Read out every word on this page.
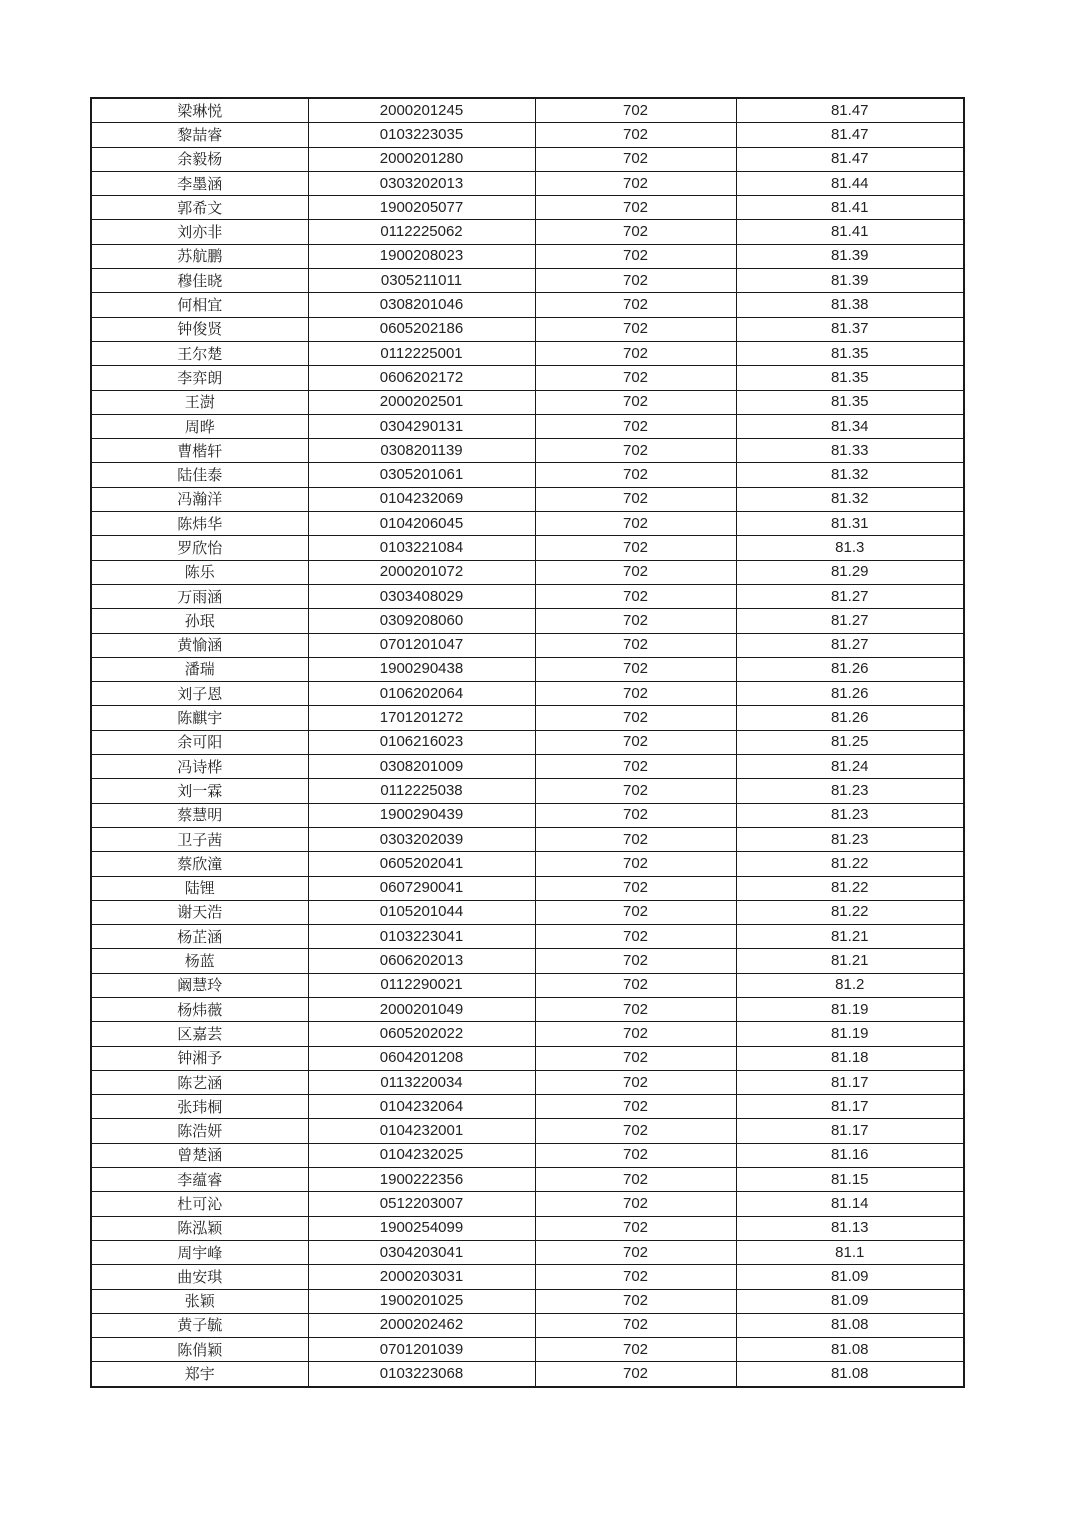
梁琳悦	2000201245	702	81.47
黎喆睿	0103223035	702	81.47
余毅杨	2000201280	702	81.47
李墨涵	0303202013	702	81.44
郭希文	1900205077	702	81.41
刘亦非	0112225062	702	81.41
苏航鹏	1900208023	702	81.39
穆佳晓	0305211011	702	81.39
何相宜	0308201046	702	81.38
钟俊贤	0605202186	702	81.37
王尔楚	0112225001	702	81.35
李弈朗	0606202172	702	81.35
王澍	2000202501	702	81.35
周晔	0304290131	702	81.34
曹楷轩	0308201139	702	81.33
陆佳泰	0305201061	702	81.32
冯瀚洋	0104232069	702	81.32
陈炜华	0104206045	702	81.31
罗欣怡	0103221084	702	81.3
陈乐	2000201072	702	81.29
万雨涵	0303408029	702	81.27
孙珉	0309208060	702	81.27
黄愉涵	0701201047	702	81.27
潘瑞	1900290438	702	81.26
刘子恩	0106202064	702	81.26
陈麒宇	1701201272	702	81.26
余可阳	0106216023	702	81.25
冯诗桦	0308201009	702	81.24
刘一霖	0112225038	702	81.23
蔡慧明	1900290439	702	81.23
卫子茜	0303202039	702	81.23
蔡欣潼	0605202041	702	81.22
陆锂	0607290041	702	81.22
谢天浩	0105201044	702	81.22
杨芷涵	0103223041	702	81.21
杨蓝	0606202013	702	81.21
阚慧玲	0112290021	702	81.2
杨炜薇	2000201049	702	81.19
区嘉芸	0605202022	702	81.19
钟湘予	0604201208	702	81.18
陈艺涵	0113220034	702	81.17
张玮桐	0104232064	702	81.17
陈浩妍	0104232001	702	81.17
曾楚涵	0104232025	702	81.16
李蕴睿	1900222356	702	81.15
杜可沁	0512203007	702	81.14
陈泓颖	1900254099	702	81.13
周宇峰	0304203041	702	81.1
曲安琪	2000203031	702	81.09
张颖	1900201025	702	81.09
黄子毓	2000202462	702	81.08
陈俏颖	0701201039	702	81.08
郑宇	0103223068	702	81.08
